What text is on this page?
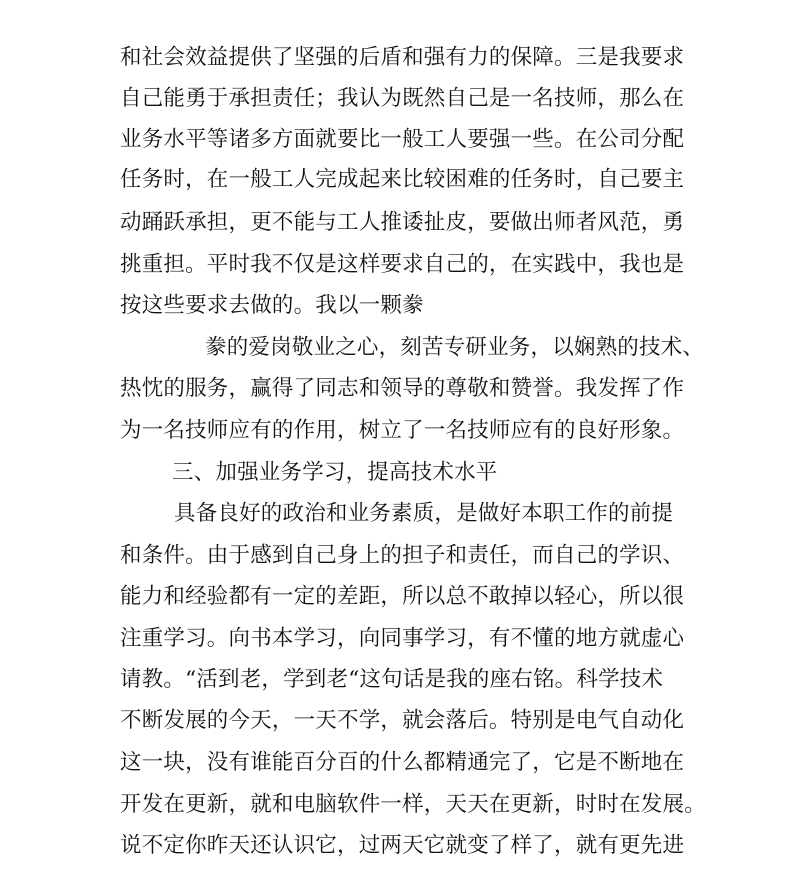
和社会效益提供了坚强的后盾和强有力的保障。三是我要求
自己能勇于承担责任；我认为既然自己是一名技师，那么在
业务水平等诸多方面就要比一般工人要强一些。在公司分配
任务时，在一般工人完成起来比较困难的任务时，自己要主
动踊跃承担，更不能与工人推诿扯皮，要做出师者风范，勇
挑重担。平时我不仅是这样要求自己的，在实践中，我也是
按这些要求去做的。我以一颗豢
豢的爱岗敬业之心，刻苦专研业务，以娴熟的技术、
热忱的服务，赢得了同志和领导的尊敬和赞誉。我发挥了作
为一名技师应有的作用，树立了一名技师应有的良好形象。
三、加强业务学习，提高技术水平
具备良好的政治和业务素质，是做好本职工作的前提
和条件。由于感到自己身上的担子和责任，而自己的学识、
能力和经验都有一定的差距，所以总不敢掉以轻心，所以很
注重学习。向书本学习，向同事学习，有不懂的地方就虚心
请教。“活到老，学到老“这句话是我的座右铭。科学技术
不断发展的今天，一天不学，就会落后。特别是电气自动化
这一块，没有谁能百分百的什么都精通完了，它是不断地在
开发在更新，就和电脑软件一样，天天在更新，时时在发展。
说不定你昨天还认识它，过两天它就变了样了，就有更先进
